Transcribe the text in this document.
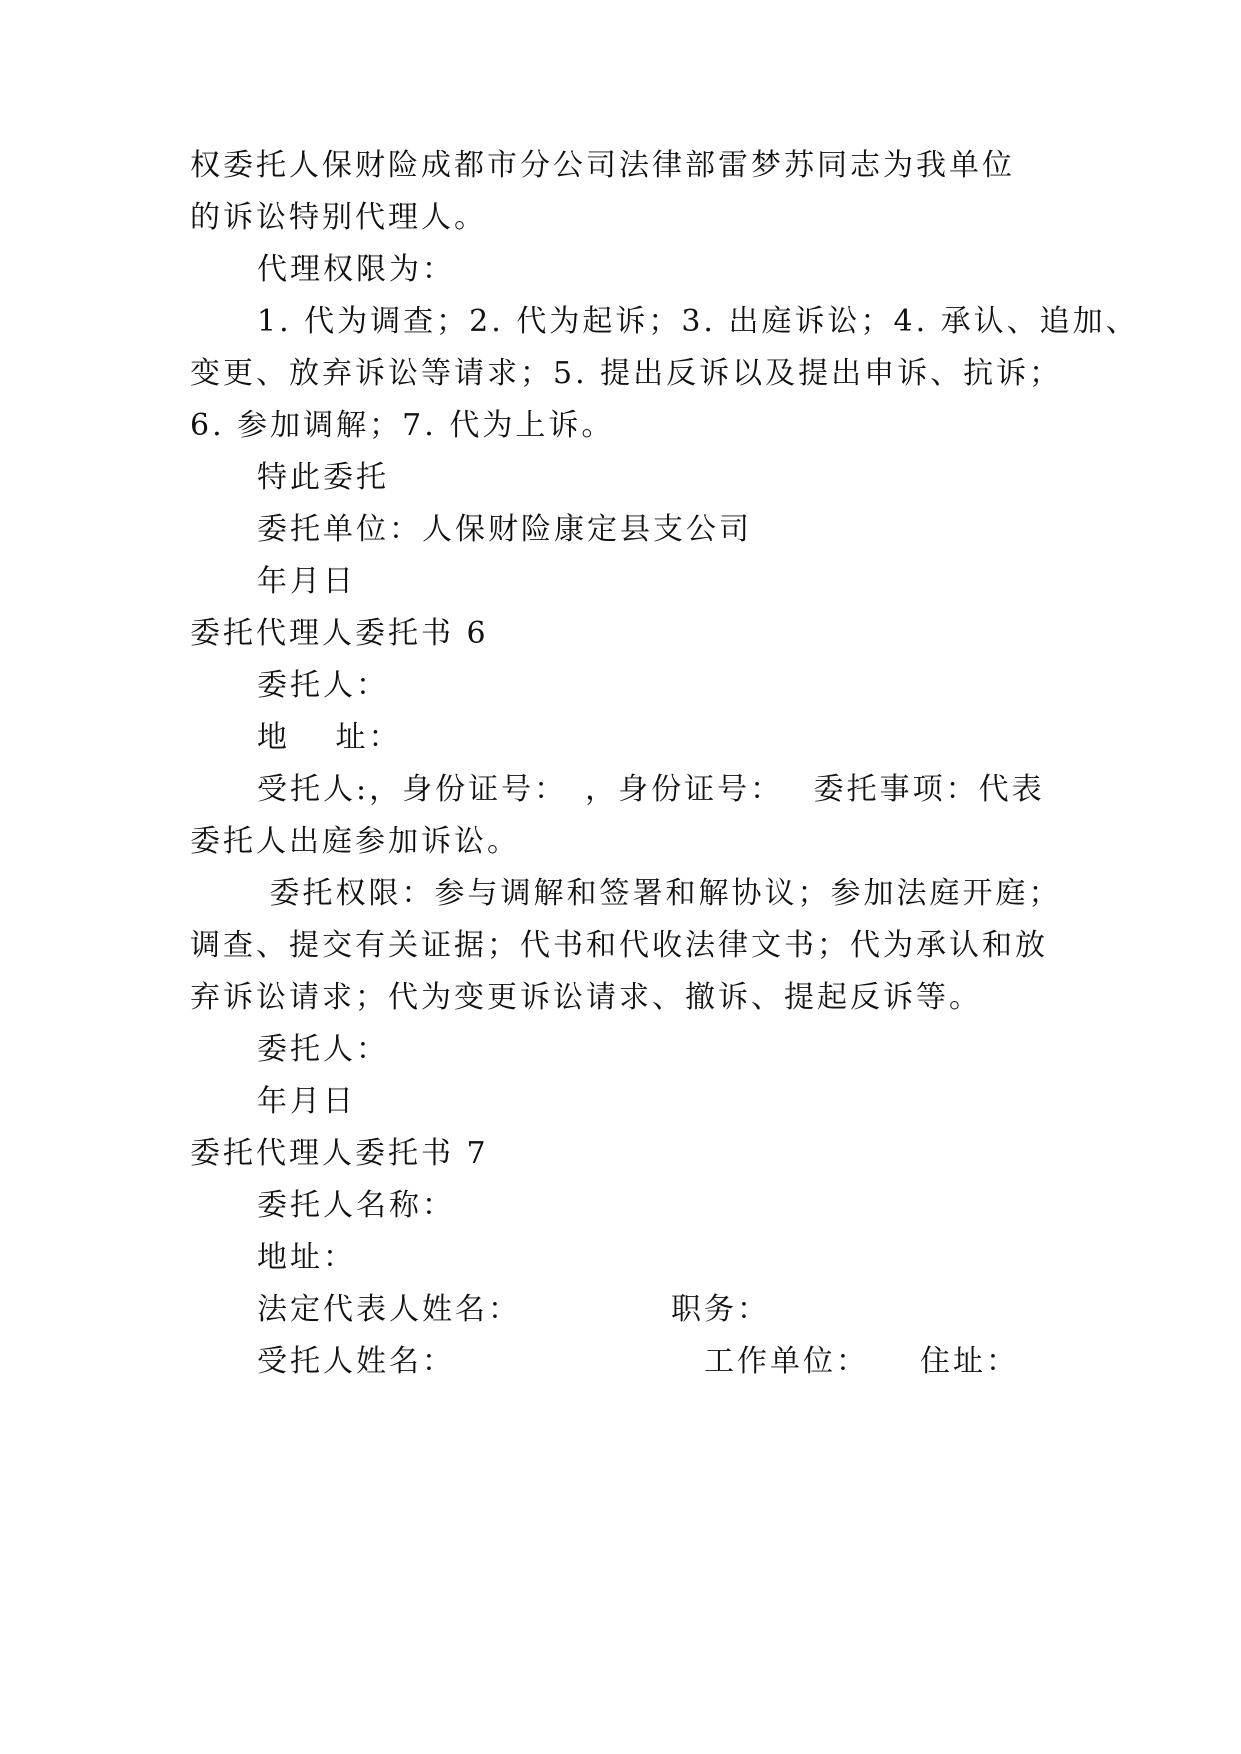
权委托人保财险成都市分公司法律部雷梦苏同志为我单位
的诉讼特别代理人。
代理权限为：
1. 代为调查；2. 代为起诉；3. 出庭诉讼；4. 承认、追加、
变更、放弃诉讼等请求；5. 提出反诉以及提出申诉、抗诉；
6. 参加调解；7. 代为上诉。
特此委托
委托单位：人保财险康定县支公司
年月日
委托代理人委托书 6
委托人：
地　 址：
受托人:，身份证号：　，身份证号：　 委托事项：代表
委托人出庭参加诉讼。
委托权限：参与调解和签署和解协议；参加法庭开庭；
调查、提交有关证据；代书和代收法律文书；代为承认和放
弃诉讼请求；代为变更诉讼请求、撤诉、提起反诉等。
委托人：
年月日
委托代理人委托书 7
委托人名称：
地址：
法定代表人姓名：　　　　　职务：
受托人姓名：　　　　　　　　工作单位：　　住址：
